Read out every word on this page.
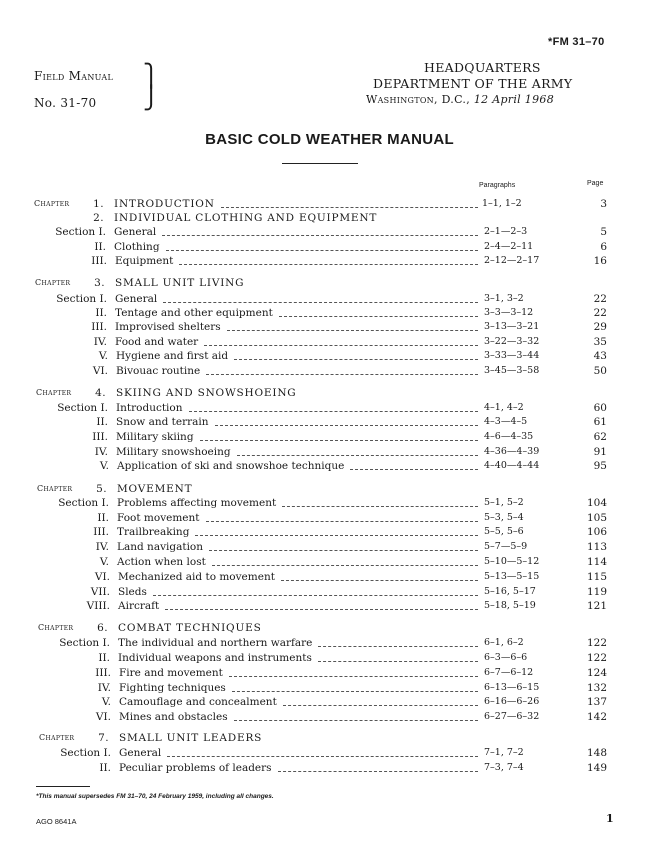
*FM 31–70
Field Manual
No. 31-70
⎫
⎭
HEADQUARTERS
DEPARTMENT OF THE ARMY
Washington, D.C., 12 April 1968
BASIC COLD WEATHER MANUAL
Paragraphs	Page
Chapter	1. INTRODUCTION	1–1, 1–2	3
2. INDIVIDUAL CLOTHING AND EQUIPMENT
Section I. General	2–1—2–3	5
II. Clothing	2–4—2–11	6
III. Equipment	2–12—2–17	16
Chapter	3. SMALL UNIT LIVING
Section I. General	3–1, 3–2	22
II. Tentage and other equipment	3–3—3–12	22
III. Improvised shelters	3–13—3–21	29
IV. Food and water	3–22—3–32	35
V. Hygiene and first aid	3–33—3–44	43
VI. Bivouac routine	3–45—3–58	50
Chapter	4. SKIING AND SNOWSHOEING
Section I. Introduction	4–1, 4–2	60
II. Snow and terrain	4–3—4–5	61
III. Military skiing	4–6—4–35	62
IV. Military snowshoeing	4–36—4–39	91
V. Application of ski and snowshoe technique	4–40—4–44	95
Chapter	5. MOVEMENT
Section I. Problems affecting movement	5–1, 5–2	104
II. Foot movement	5–3, 5–4	105
III. Trailbreaking	5–5, 5–6	106
IV. Land navigation	5–7—5–9	113
V. Action when lost	5–10—5–12	114
VI. Mechanized aid to movement	5–13—5–15	115
VII. Sleds	5–16, 5–17	119
VIII. Aircraft	5–18, 5–19	121
Chapter	6. COMBAT TECHNIQUES
Section I. The individual and northern warfare	6–1, 6–2	122
II. Individual weapons and instruments	6–3—6–6	122
III. Fire and movement	6–7—6–12	124
IV. Fighting techniques	6–13—6–15	132
V. Camouflage and concealment	6–16—6–26	137
VI. Mines and obstacles	6–27—6–32	142
Chapter	7. SMALL UNIT LEADERS
Section I. General	7–1, 7–2	148
II. Peculiar problems of leaders	7–3, 7–4	149
*This manual supersedes FM 31–70, 24 February 1959, including all changes.
AGO 8641A	1
